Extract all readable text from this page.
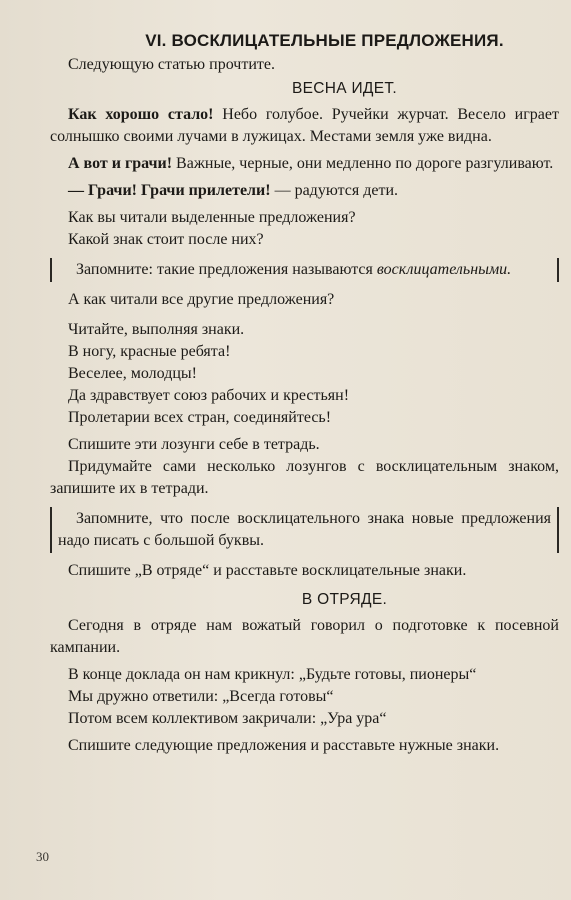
VI. ВОСКЛИЦАТЕЛЬНЫЕ ПРЕДЛОЖЕНИЯ.

Следующую статью прочтите.

ВЕСНА ИДЕТ.

Как хорошо стало! Небо голубое. Ручейки журчат. Весело играет солнышко своими лучами в лужицах. Местами земля уже видна.

А вот и грачи! Важные, черные, они медленно по дороге разгуливают.

— Грачи! Грачи прилетели! — радуются дети.

Как вы читали выделенные предложения?

Какой знак стоит после них?

Запомните: такие предложения называются восклицательными.

А как читали все другие предложения?

Читайте, выполняя знаки.

В ногу, красные ребята!

Веселее, молодцы!

Да здравствует союз рабочих и крестьян!

Пролетарии всех стран, соединяйтесь!

Спишите эти лозунги себе в тетрадь.

Придумайте сами несколько лозунгов с восклицательным знаком, запишите их в тетради.

Запомните, что после восклицательного знака новые предложения надо писать с большой буквы.

Спишите „В отряде“ и расставьте восклицательные знаки.

В ОТРЯДЕ.

Сегодня в отряде нам вожатый говорил о подготовке к посевной кампании.

В конце доклада он нам крикнул: „Будьте готовы, пионеры“

Мы дружно ответили: „Всегда готовы“

Потом всем коллективом закричали: „Ура ура“

Спишите следующие предложения и расставьте нужные знаки.

30
